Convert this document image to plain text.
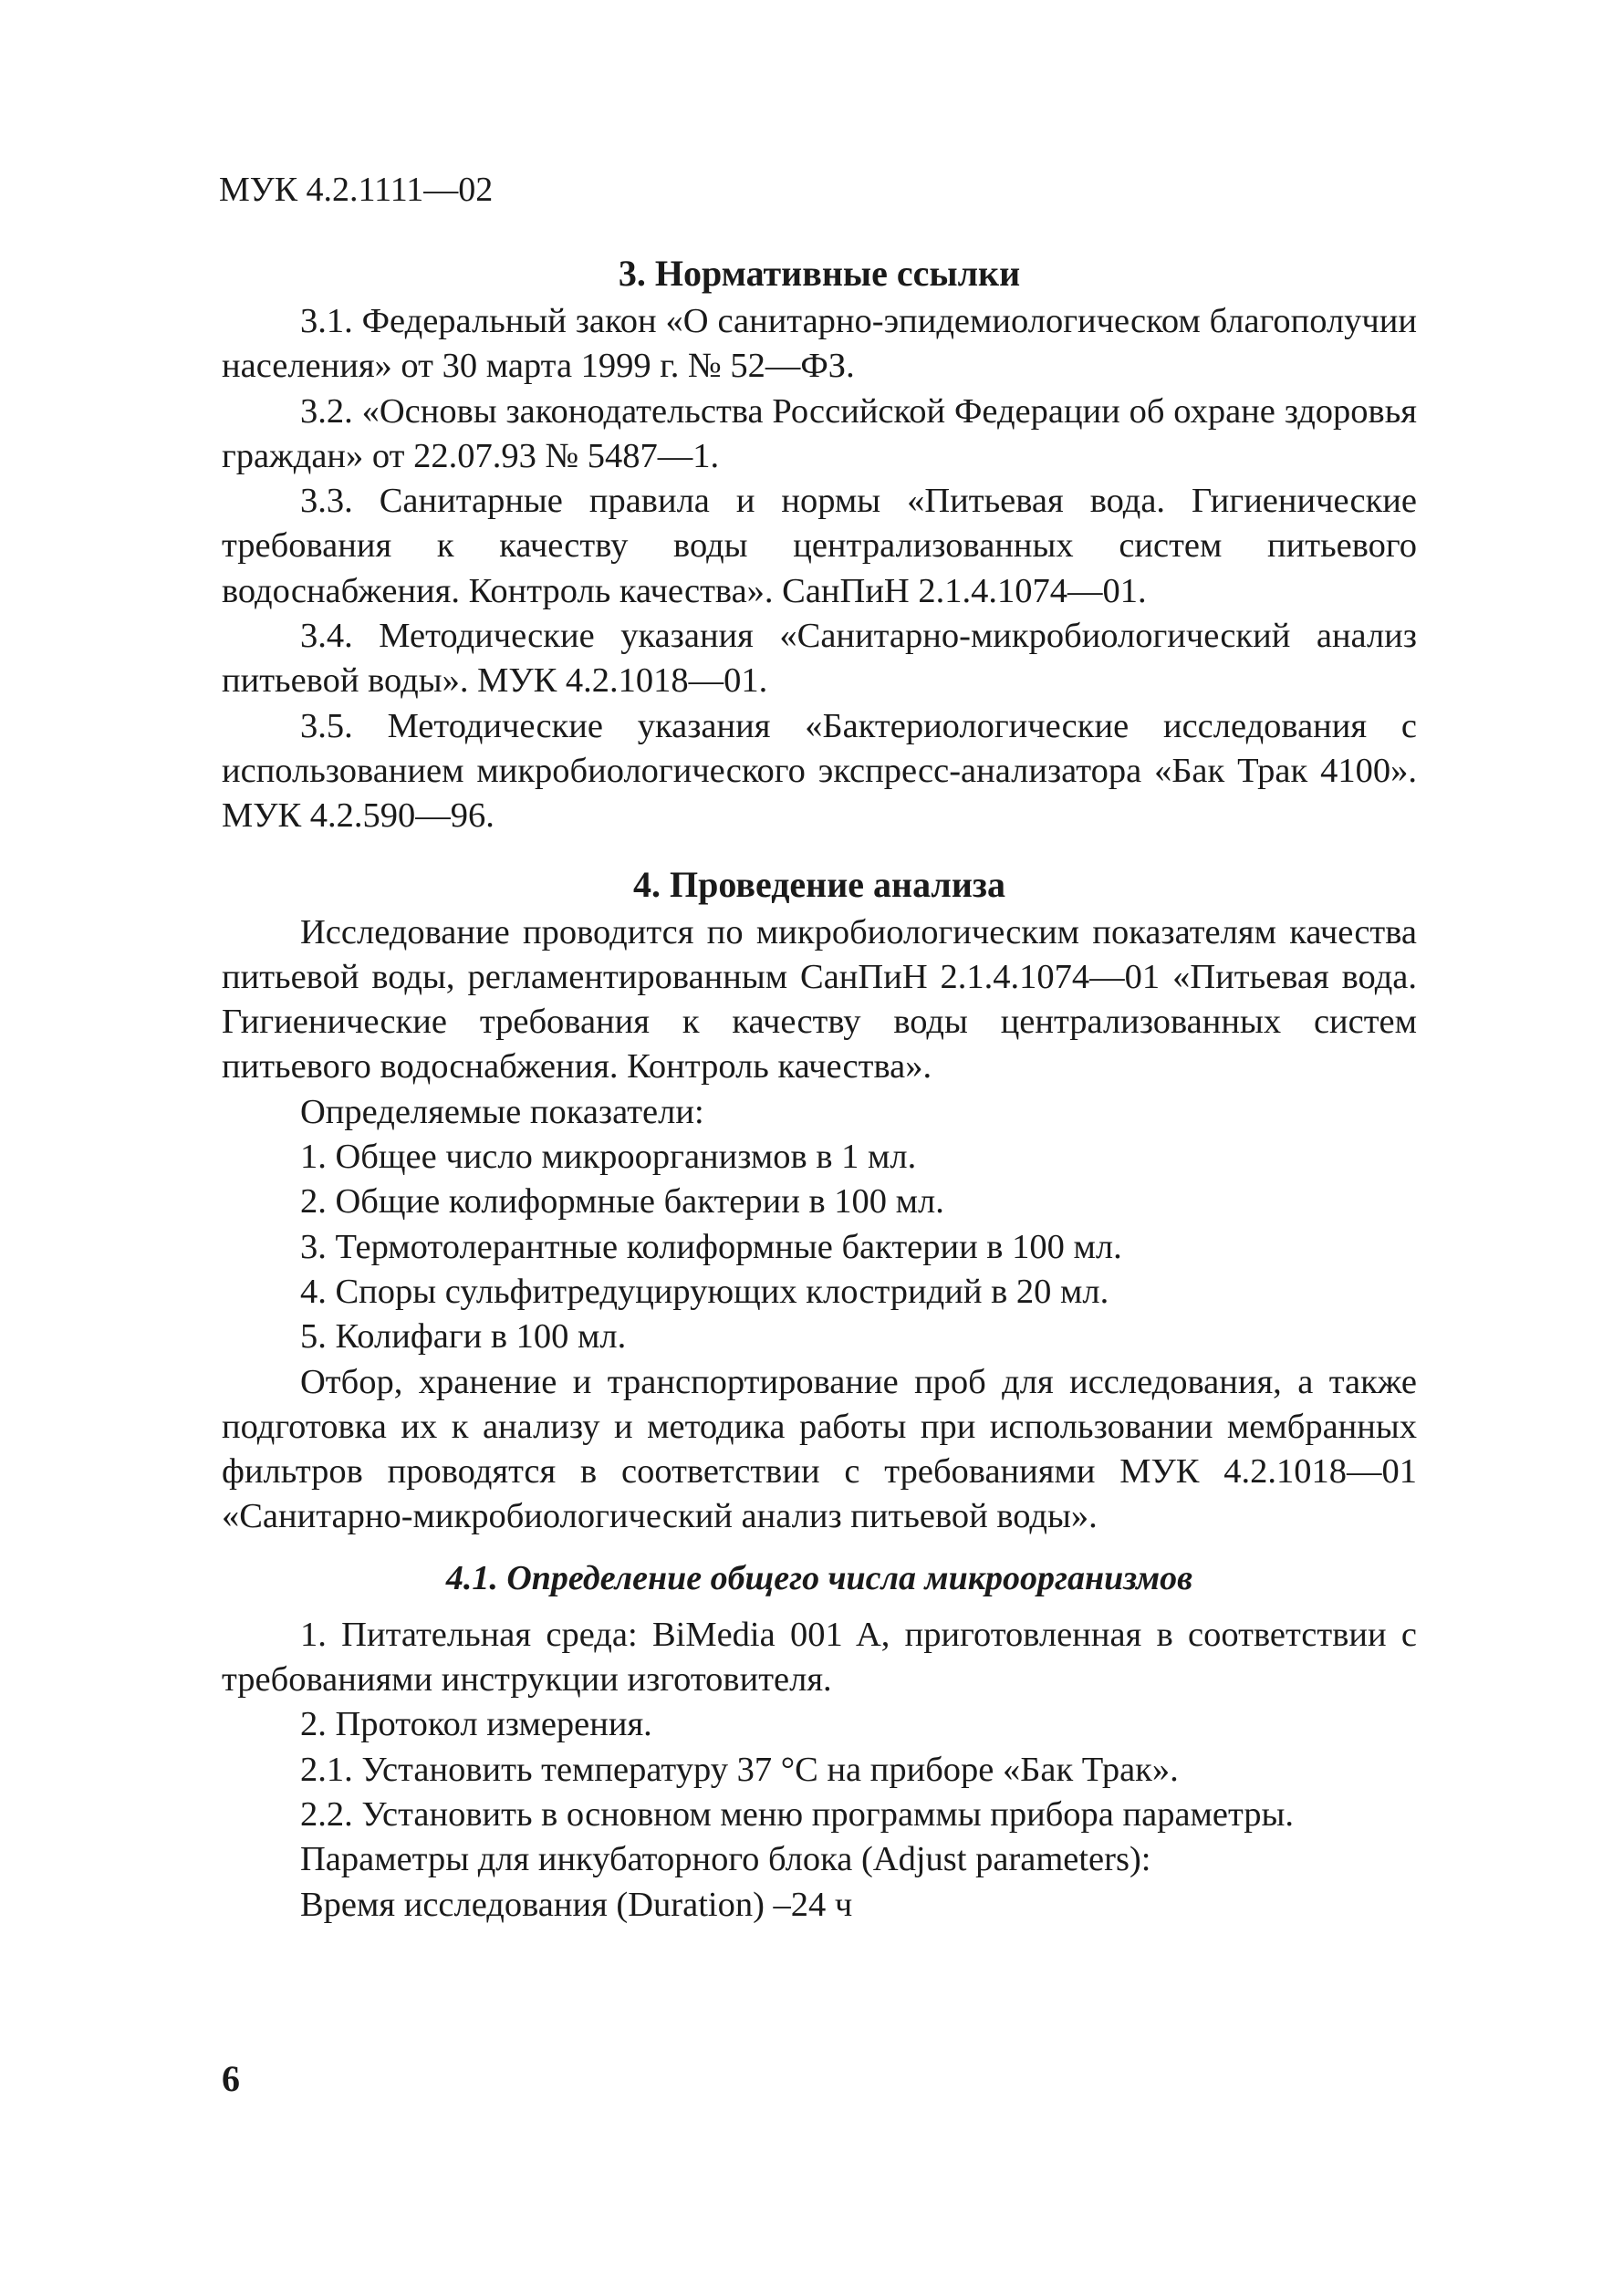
МУК 4.2.1111—02
3. Нормативные ссылки

3.1. Федеральный закон «О санитарно-эпидемиологическом благополучии населения» от 30 марта 1999 г. № 52—ФЗ.

3.2. «Основы законодательства Российской Федерации об охране здоровья граждан» от 22.07.93 № 5487—1.

3.3. Санитарные правила и нормы «Питьевая вода. Гигиенические требования к качеству воды централизованных систем питьевого водоснабжения. Контроль качества». СанПиН 2.1.4.1074—01.

3.4. Методические указания «Санитарно-микробиологический анализ питьевой воды». МУК 4.2.1018—01.

3.5. Методические указания «Бактериологические исследования с использованием микробиологического экспресс-анализатора «Бак Трак 4100». МУК 4.2.590—96.

4. Проведение анализа

Исследование проводится по микробиологическим показателям качества питьевой воды, регламентированным СанПиН 2.1.4.1074—01 «Питьевая вода. Гигиенические требования к качеству воды централизованных систем питьевого водоснабжения. Контроль качества».

Определяемые показатели:

1. Общее число микроорганизмов в 1 мл.

2. Общие колиформные бактерии в 100 мл.

3. Термотолерантные колиформные бактерии в 100 мл.

4. Споры сульфитредуцирующих клостридий в 20 мл.

5. Колифаги в 100 мл.

Отбор, хранение и транспортирование проб для исследования, а также подготовка их к анализу и методика работы при использовании мембранных фильтров проводятся в соответствии с требованиями МУК 4.2.1018—01 «Санитарно-микробиологический анализ питьевой воды».

4.1. Определение общего числа микроорганизмов

1. Питательная среда: BiMedia 001 A, приготовленная в соответствии с требованиями инструкции изготовителя.

2. Протокол измерения.

2.1. Установить температуру 37 °С на приборе «Бак Трак».

2.2. Установить в основном меню программы прибора параметры.

Параметры для инкубаторного блока (Adjust parameters):

Время исследования (Duration) –24 ч

6
